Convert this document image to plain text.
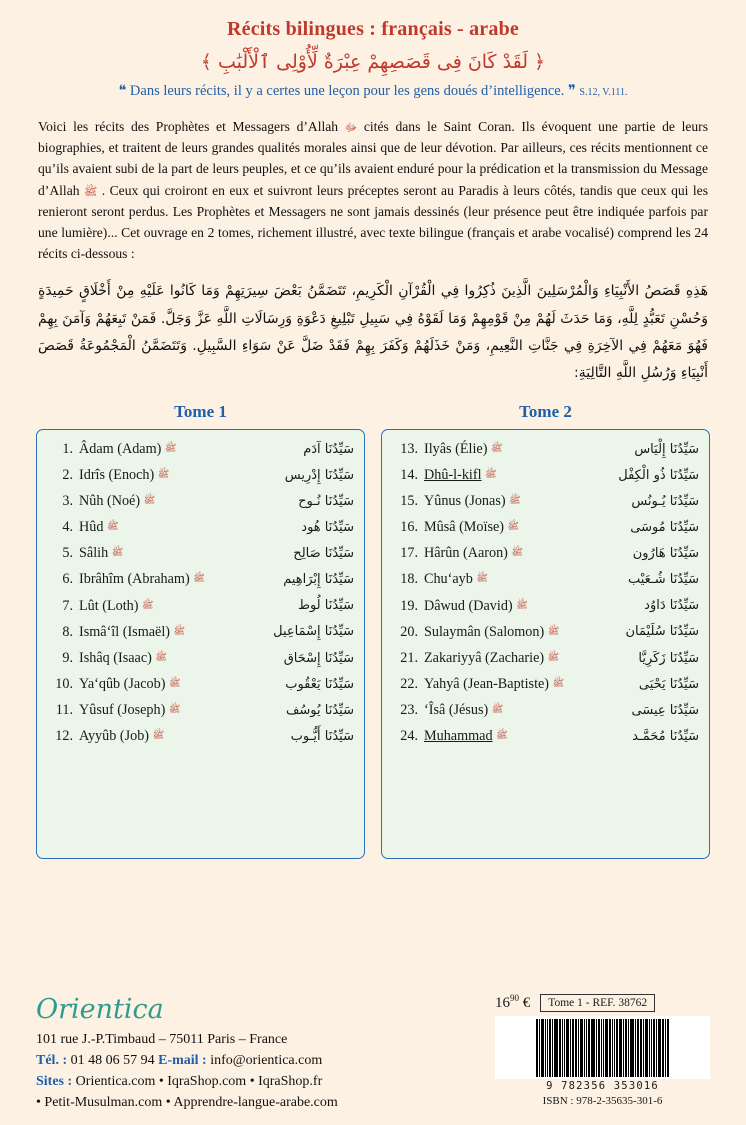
Récits bilingues : français - arabe
﴿ لَقَدْ كَانَ فِى قَصَصِهِمْ عِبْرَةٌ لِّأُوْلِى ٱلْأَلْبَٰبِ ﴾
❝ Dans leurs récits, il y a certes une leçon pour les gens doués d’intelligence. ❞ S.12, V.111.
Voici les récits des Prophètes et Messagers d’Allah ﷻ cités dans le Saint Coran. Ils évoquent une partie de leurs biographies, et traitent de leurs grandes qualités morales ainsi que de leur dévotion. Par ailleurs, ces récits mentionnent ce qu’ils avaient subi de la part de leurs peuples, et ce qu’ils avaient enduré pour la prédication et la transmission du Message d’Allah ﷺ . Ceux qui croiront en eux et suivront leurs préceptes seront au Paradis à leurs côtés, tandis que ceux qui les renieront seront perdus. Les Prophètes et Messagers ne sont jamais dessinés (leur présence peut être indiquée parfois par une lumière)... Cet ouvrage en 2 tomes, richement illustré, avec texte bilingue (français et arabe vocalisé) comprend les 24 récits ci-dessous :
هَذِهِ قَصَصُ الأَنْبِيَاءِ وَالْمُرْسَلِينَ الَّذِينَ ذُكِرُوا فِي الْقُرْآنِ الْكَرِيمِ، تَتَضَمَّنُ بَعْضَ سِيرَتِهِمْ وَمَا كَانُوا عَلَيْهِ مِنْ أَخْلَاقٍ حَمِيدَةٍ وَحُسْنِ تَعَبُّدٍ لِلَّهِ، وَمَا حَدَثَ لَهُمْ مِنْ قَوْمِهِمْ وَمَا لَقَوْهُ فِي سَبِيلِ تَبْلِيغِ دَعْوَةِ وَرِسَالَاتِ اللَّهِ عَزَّ وَجَلَّ. فَمَنْ تَبِعَهُمْ وَآمَنَ بِهِمْ فَهُوَ مَعَهُمْ فِي الآخِرَةِ فِي جَنَّاتِ النَّعِيمِ، وَمَنْ خَذَلَهُمْ وَكَفَرَ بِهِمْ فَقَدْ ضَلَّ عَنْ سَوَاءِ السَّبِيلِ. وَتَتَضَمَّنُ الْمَجْمُوعَةُ قَصَصَ أَنْبِيَاءِ وَرُسُلِ اللَّهِ التَّالِيَةِ:
Tome 1
1. Âdam (Adam) ﷺ	سَيِّدُنَا آدَم
2. Idrîs (Enoch) ﷺ	سَيِّدُنَا إِدْرِيس
3. Nûh (Noé) ﷺ	سَيِّدُنَا نُـوح
4. Hûd ﷺ	سَيِّدُنَا هُود
5. Sâlih ﷺ	سَيِّدُنَا صَالِح
6. Ibrâhîm (Abraham) ﷺ	سَيِّدُنَا إِبْرَاهِيم
7. Lût (Loth) ﷺ	سَيِّدُنَا لُوط
8. Ismâ‘îl (Ismaël) ﷺ	سَيِّدُنَا إِسْمَاعِيل
9. Ishâq (Isaac) ﷺ	سَيِّدُنَا إِسْحَاق
10. Ya‘qûb (Jacob) ﷺ	سَيِّدُنَا يَعْقُوب
11. Yûsuf (Joseph) ﷺ	سَيِّدُنَا يُوسُف
12. Ayyûb (Job) ﷺ	سَيِّدُنَا أَيُّـوب
Tome 2
13. Ilyâs (Élie) ﷺ	سَيِّدُنَا إِلْيَاس
14. Dhû-l-kifl ﷺ	سَيِّدُنَا ذُو الْكِفْل
15. Yûnus (Jonas) ﷺ	سَيِّدُنَا يُـونُس
16. Mûsâ (Moïse) ﷺ	سَيِّدُنَا مُوسَى
17. Hârûn (Aaron) ﷺ	سَيِّدُنَا هَارُون
18. Chu‘ayb ﷺ	سَيِّدُنَا شُـعَيْب
19. Dâwud (David) ﷺ	سَيِّدُنَا دَاوُد
20. Sulaymân (Salomon) ﷺ	سَيِّدُنَا سُلَيْمَان
21. Zakariyyâ (Zacharie) ﷺ	سَيِّدُنَا زَكَرِيَّا
22. Yahyâ (Jean-Baptiste) ﷺ	سَيِّدُنَا يَحْيَى
23. ‘Îsâ (Jésus) ﷺ	سَيِّدُنَا عِيسَى
24. Muhammad ﷺ	سَيِّدُنَا مُحَمَّـد
Orientica
101 rue J.-P.Timbaud – 75011 Paris – France
Tél. : 01 48 06 57 94 E-mail : info@orientica.com
Sites : Orientica.com • IqraShop.com • IqraShop.fr
• Petit-Musulman.com • Apprendre-langue-arabe.com
$16^{90}$ €	Tome 1 - REF. 38762
9 782356 353016
ISBN : 978-2-35635-301-6
